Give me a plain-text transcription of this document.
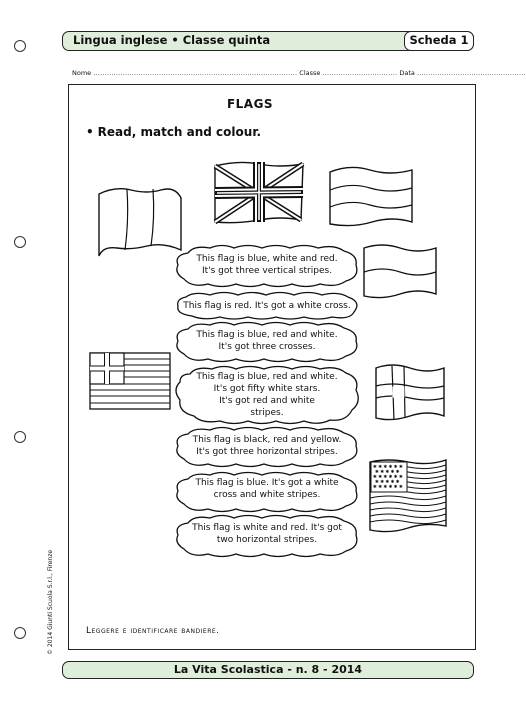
Lingua inglese • Classe quinta	Scheda 1
Nome .......................................................................................... Classe ................................. Data ................................................
FLAGS
• Read, match and colour.
✱ ✱ ✱ ✱ ✱ ✱
✱ ✱ ✱ ✱ ✱
✱ ✱ ✱ ✱ ✱ ✱
✱ ✱ ✱ ✱ ✱
✱ ✱ ✱ ✱ ✱ ✱
This flag is blue, white and red.
It's got three vertical stripes.
This flag is red. It's got a white cross.
This flag is blue, red and white.
It's got three crosses.
This flag is blue, red and white.
It's got fifty white stars.
It's got red and white
stripes.
This flag is black, red and yellow.
It's got three horizontal stripes.
This flag is blue. It's got a white
cross and white stripes.
This flag is white and red. It's got
two horizontal stripes.
Leggere e identificare bandiere.
© 2014 Giunti Scuola S.r.l., Firenze
La Vita Scolastica - n. 8 - 2014
